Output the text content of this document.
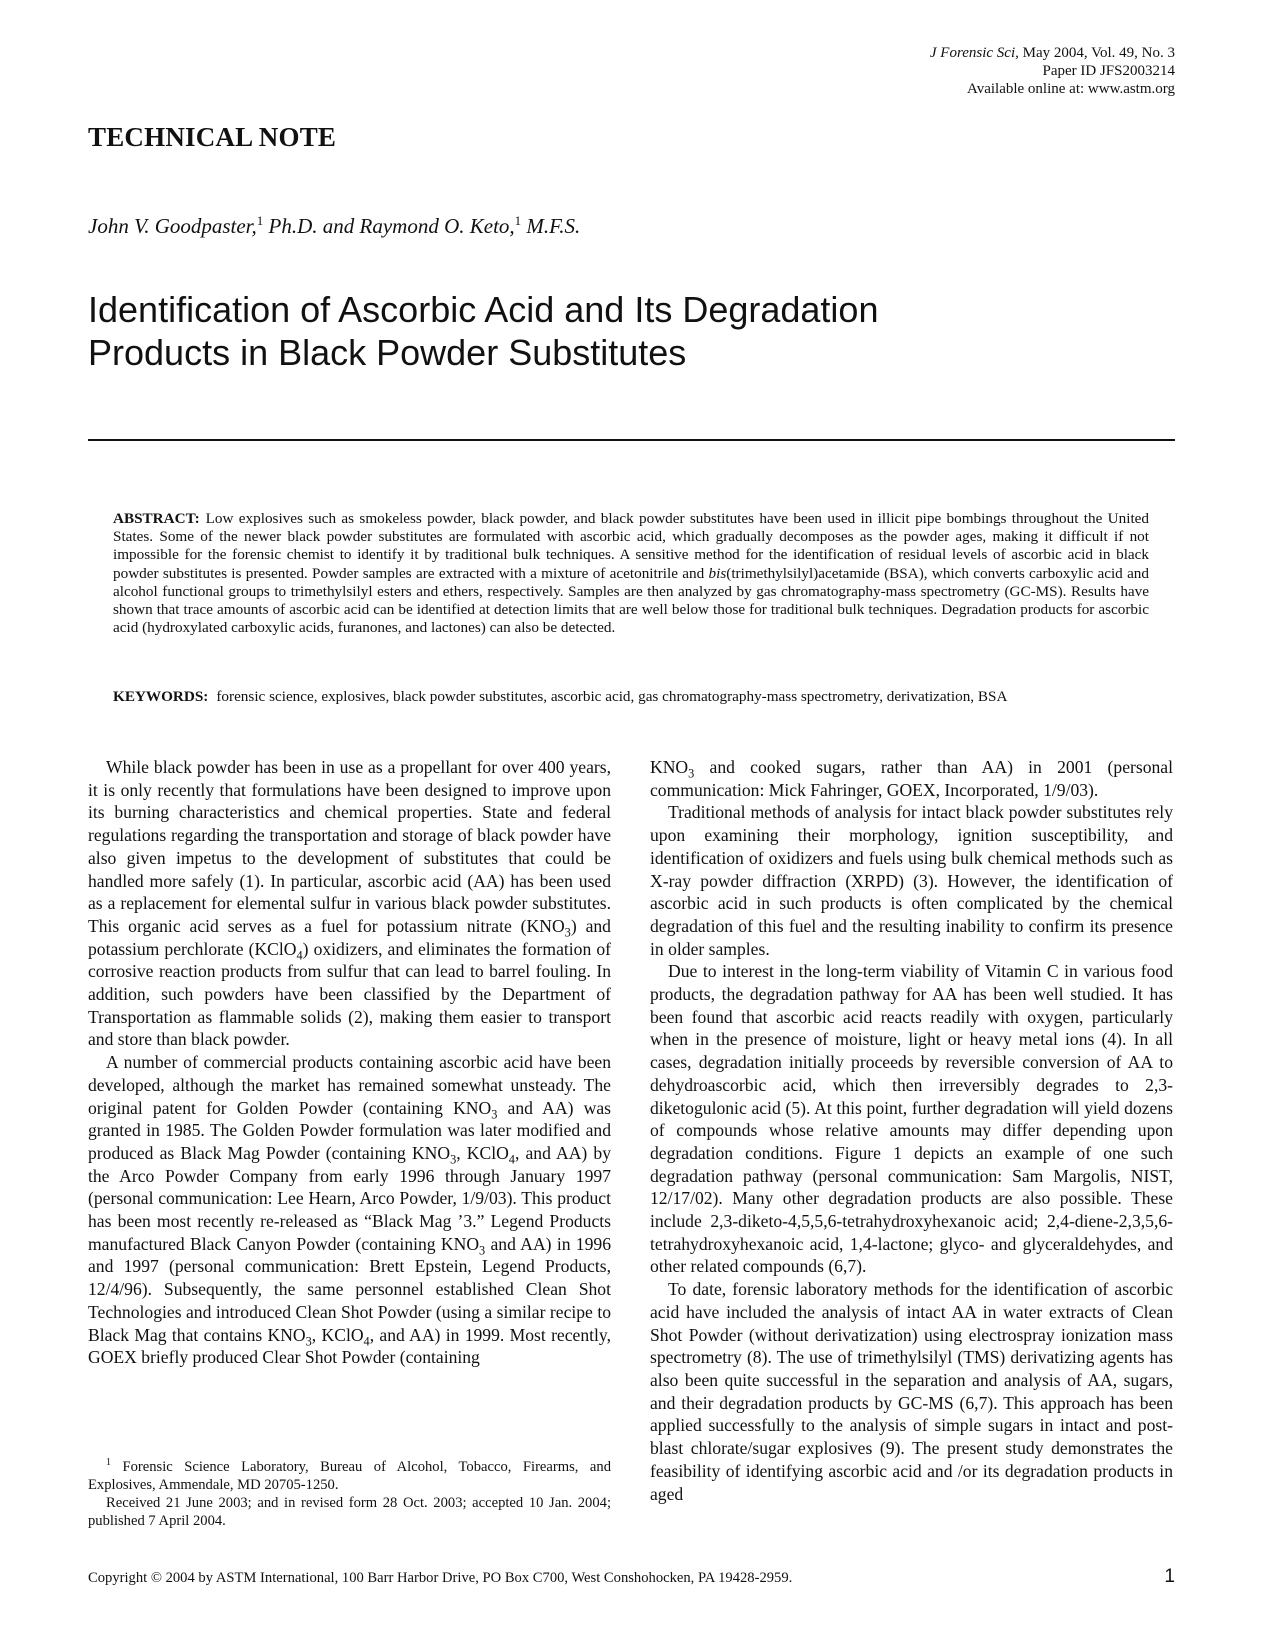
J Forensic Sci, May 2004, Vol. 49, No. 3
Paper ID JFS2003214
Available online at: www.astm.org
TECHNICAL NOTE
John V. Goodpaster,$^1$ Ph.D. and Raymond O. Keto,$^1$ M.F.S.
Identification of Ascorbic Acid and Its Degradation
Products in Black Powder Substitutes
ABSTRACT: Low explosives such as smokeless powder, black powder, and black powder substitutes have been used in illicit pipe bombings throughout the United States. Some of the newer black powder substitutes are formulated with ascorbic acid, which gradually decomposes as the powder ages, making it difficult if not impossible for the forensic chemist to identify it by traditional bulk techniques. A sensitive method for the identification of residual levels of ascorbic acid in black powder substitutes is presented. Powder samples are extracted with a mixture of acetonitrile and bis(trimethylsilyl)acetamide (BSA), which converts carboxylic acid and alcohol functional groups to trimethylsilyl esters and ethers, respectively. Samples are then analyzed by gas chromatography-mass spectrometry (GC-MS). Results have shown that trace amounts of ascorbic acid can be identified at detection limits that are well below those for traditional bulk techniques. Degradation products for ascorbic acid (hydroxylated carboxylic acids, furanones, and lactones) can also be detected.
KEYWORDS: forensic science, explosives, black powder substitutes, ascorbic acid, gas chromatography-mass spectrometry, derivatization, BSA

While black powder has been in use as a propellant for over 400 years, it is only recently that formulations have been designed to improve upon its burning characteristics and chemical properties. State and federal regulations regarding the transportation and storage of black powder have also given impetus to the development of substitutes that could be handled more safely (1). In particular, ascorbic acid (AA) has been used as a replacement for elemental sulfur in various black powder substitutes. This organic acid serves as a fuel for potassium nitrate $(KNO_3)$ and potassium perchlorate (KClO$_4$) oxidizers, and eliminates the formation of corrosive reaction products from sulfur that can lead to barrel fouling. In addition, such powders have been classified by the Department of Transportation as flammable solids (2), making them easier to transport and store than black powder.

A number of commercial products containing ascorbic acid have been developed, although the market has remained somewhat unsteady. The original patent for Golden Powder (containing $KNO_3$ and AA) was granted in 1985. The Golden Powder formulation was later modified and produced as Black Mag Powder (containing $KNO_3$, KClO$_4$, and AA) by the Arco Powder Company from early 1996 through January 1997 (personal communication: Lee Hearn, Arco Powder, 1/9/03). This product has been most recently re-released as “Black Mag ’3.” Legend Products manufactured Black Canyon Powder (containing $KNO_3$ and AA) in 1996 and 1997 (personal communication: Brett Epstein, Legend Products, 12/4/96). Subsequently, the same personnel established Clean Shot Technologies and introduced Clean Shot Powder (using a similar recipe to Black Mag that contains $KNO_3$, KClO$_4$, and AA) in 1999. Most recently, GOEX briefly produced Clear Shot Powder (containing

$KNO_3$ and cooked sugars, rather than AA) in 2001 (personal communication: Mick Fahringer, GOEX, Incorporated, 1/9/03).

Traditional methods of analysis for intact black powder substitutes rely upon examining their morphology, ignition susceptibility, and identification of oxidizers and fuels using bulk chemical methods such as X-ray powder diffraction (XRPD) (3). However, the identification of ascorbic acid in such products is often complicated by the chemical degradation of this fuel and the resulting inability to confirm its presence in older samples.

Due to interest in the long-term viability of Vitamin C in various food products, the degradation pathway for AA has been well studied. It has been found that ascorbic acid reacts readily with oxygen, particularly when in the presence of moisture, light or heavy metal ions (4). In all cases, degradation initially proceeds by reversible conversion of AA to dehydroascorbic acid, which then irreversibly degrades to 2,3-diketogulonic acid (5). At this point, further degradation will yield dozens of compounds whose relative amounts may differ depending upon degradation conditions. Figure 1 depicts an example of one such degradation pathway (personal communication: Sam Margolis, NIST, 12/17/02). Many other degradation products are also possible. These include 2,3-diketo-4,5,5,6-tetrahydroxyhexanoic acid; 2,4-diene-2,3,5,6-tetrahydroxyhexanoic acid, 1,4-lactone; glyco- and glyceraldehydes, and other related compounds (6,7).

To date, forensic laboratory methods for the identification of ascorbic acid have included the analysis of intact AA in water extracts of Clean Shot Powder (without derivatization) using electrospray ionization mass spectrometry (8). The use of trimethylsilyl (TMS) derivatizing agents has also been quite successful in the separation and analysis of AA, sugars, and their degradation products by GC-MS (6,7). This approach has been applied successfully to the analysis of simple sugars in intact and post-blast chlorate/sugar explosives (9). The present study demonstrates the feasibility of identifying ascorbic acid and /or its degradation products in aged

$^1$ Forensic Science Laboratory, Bureau of Alcohol, Tobacco, Firearms, and Explosives, Ammendale, MD 20705-1250.

Received 21 June 2003; and in revised form 28 Oct. 2003; accepted 10 Jan. 2004; published 7 April 2004.

Copyright © 2004 by ASTM International, 100 Barr Harbor Drive, PO Box C700, West Conshohocken, PA 19428-2959.	1
